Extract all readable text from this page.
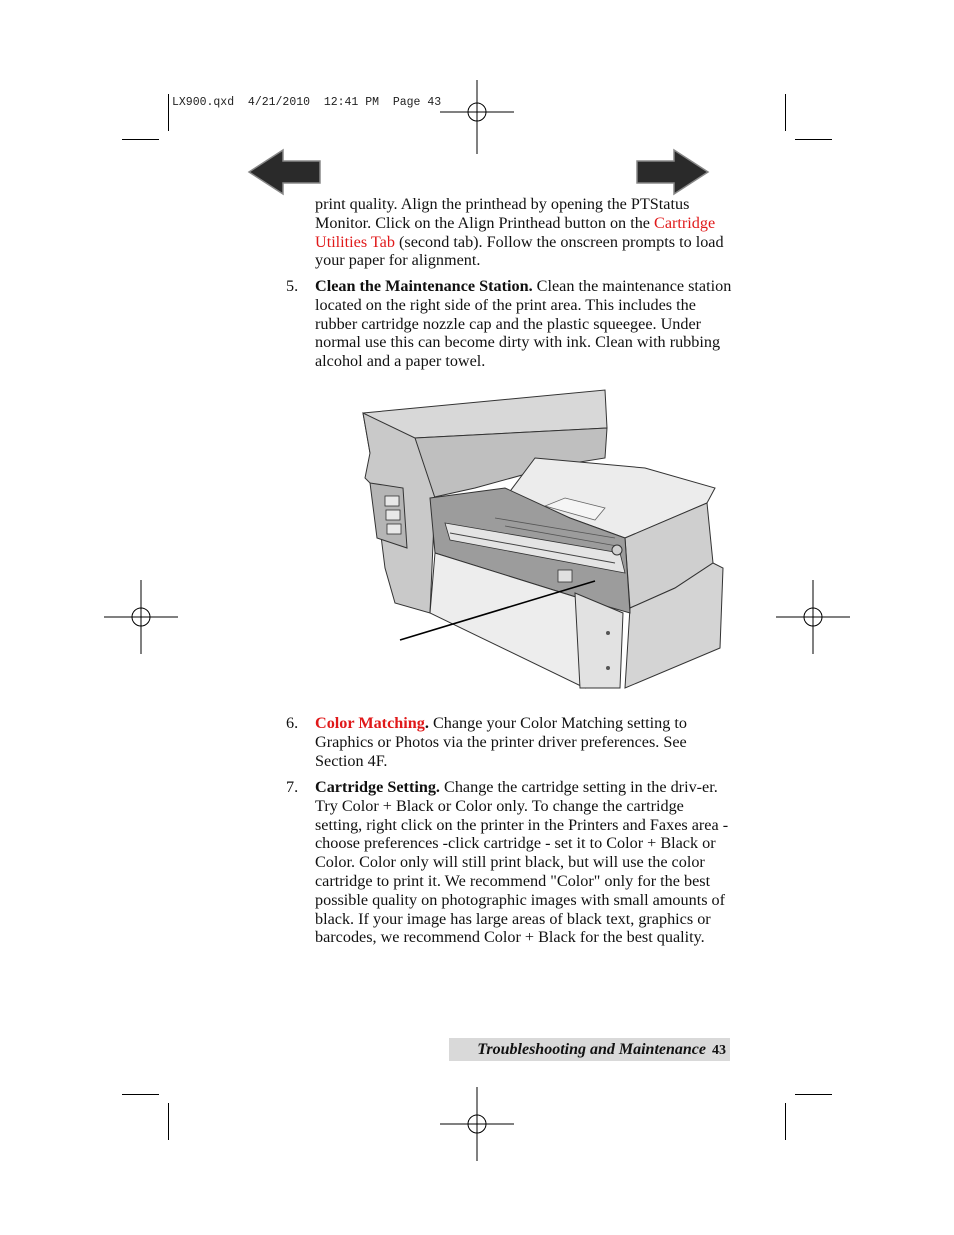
LX900.qxd  4/21/2010  12:41 PM  Page 43

print quality. Align the printhead by opening the PTStatus Monitor. Click on the Align Printhead button on the Cartridge Utilities Tab (second tab). Follow the onscreen prompts to load your paper for alignment.

5. Clean the Maintenance Station. Clean the maintenance station located on the right side of the print area. This includes the rubber cartridge nozzle cap and the plastic squeegee. Under normal use this can become dirty with ink. Clean with rubbing alcohol and a paper towel.
6. Color Matching. Change your Color Matching setting to Graphics or Photos via the printer driver preferences. See Section 4F.
7. Cartridge Setting. Change the cartridge setting in the driv-er. Try Color + Black or Color only. To change the cartridge setting, right click on the printer in the Printers and Faxes area - choose preferences -click cartridge - set it to Color + Black or Color. Color only will still print black, but will use the color cartridge to print it. We recommend "Color" only for the best possible quality on photographic images with small amounts of black. If your image has large areas of black text, graphics or barcodes, we recommend Color + Black for the best quality.
Troubleshooting and Maintenance 43
